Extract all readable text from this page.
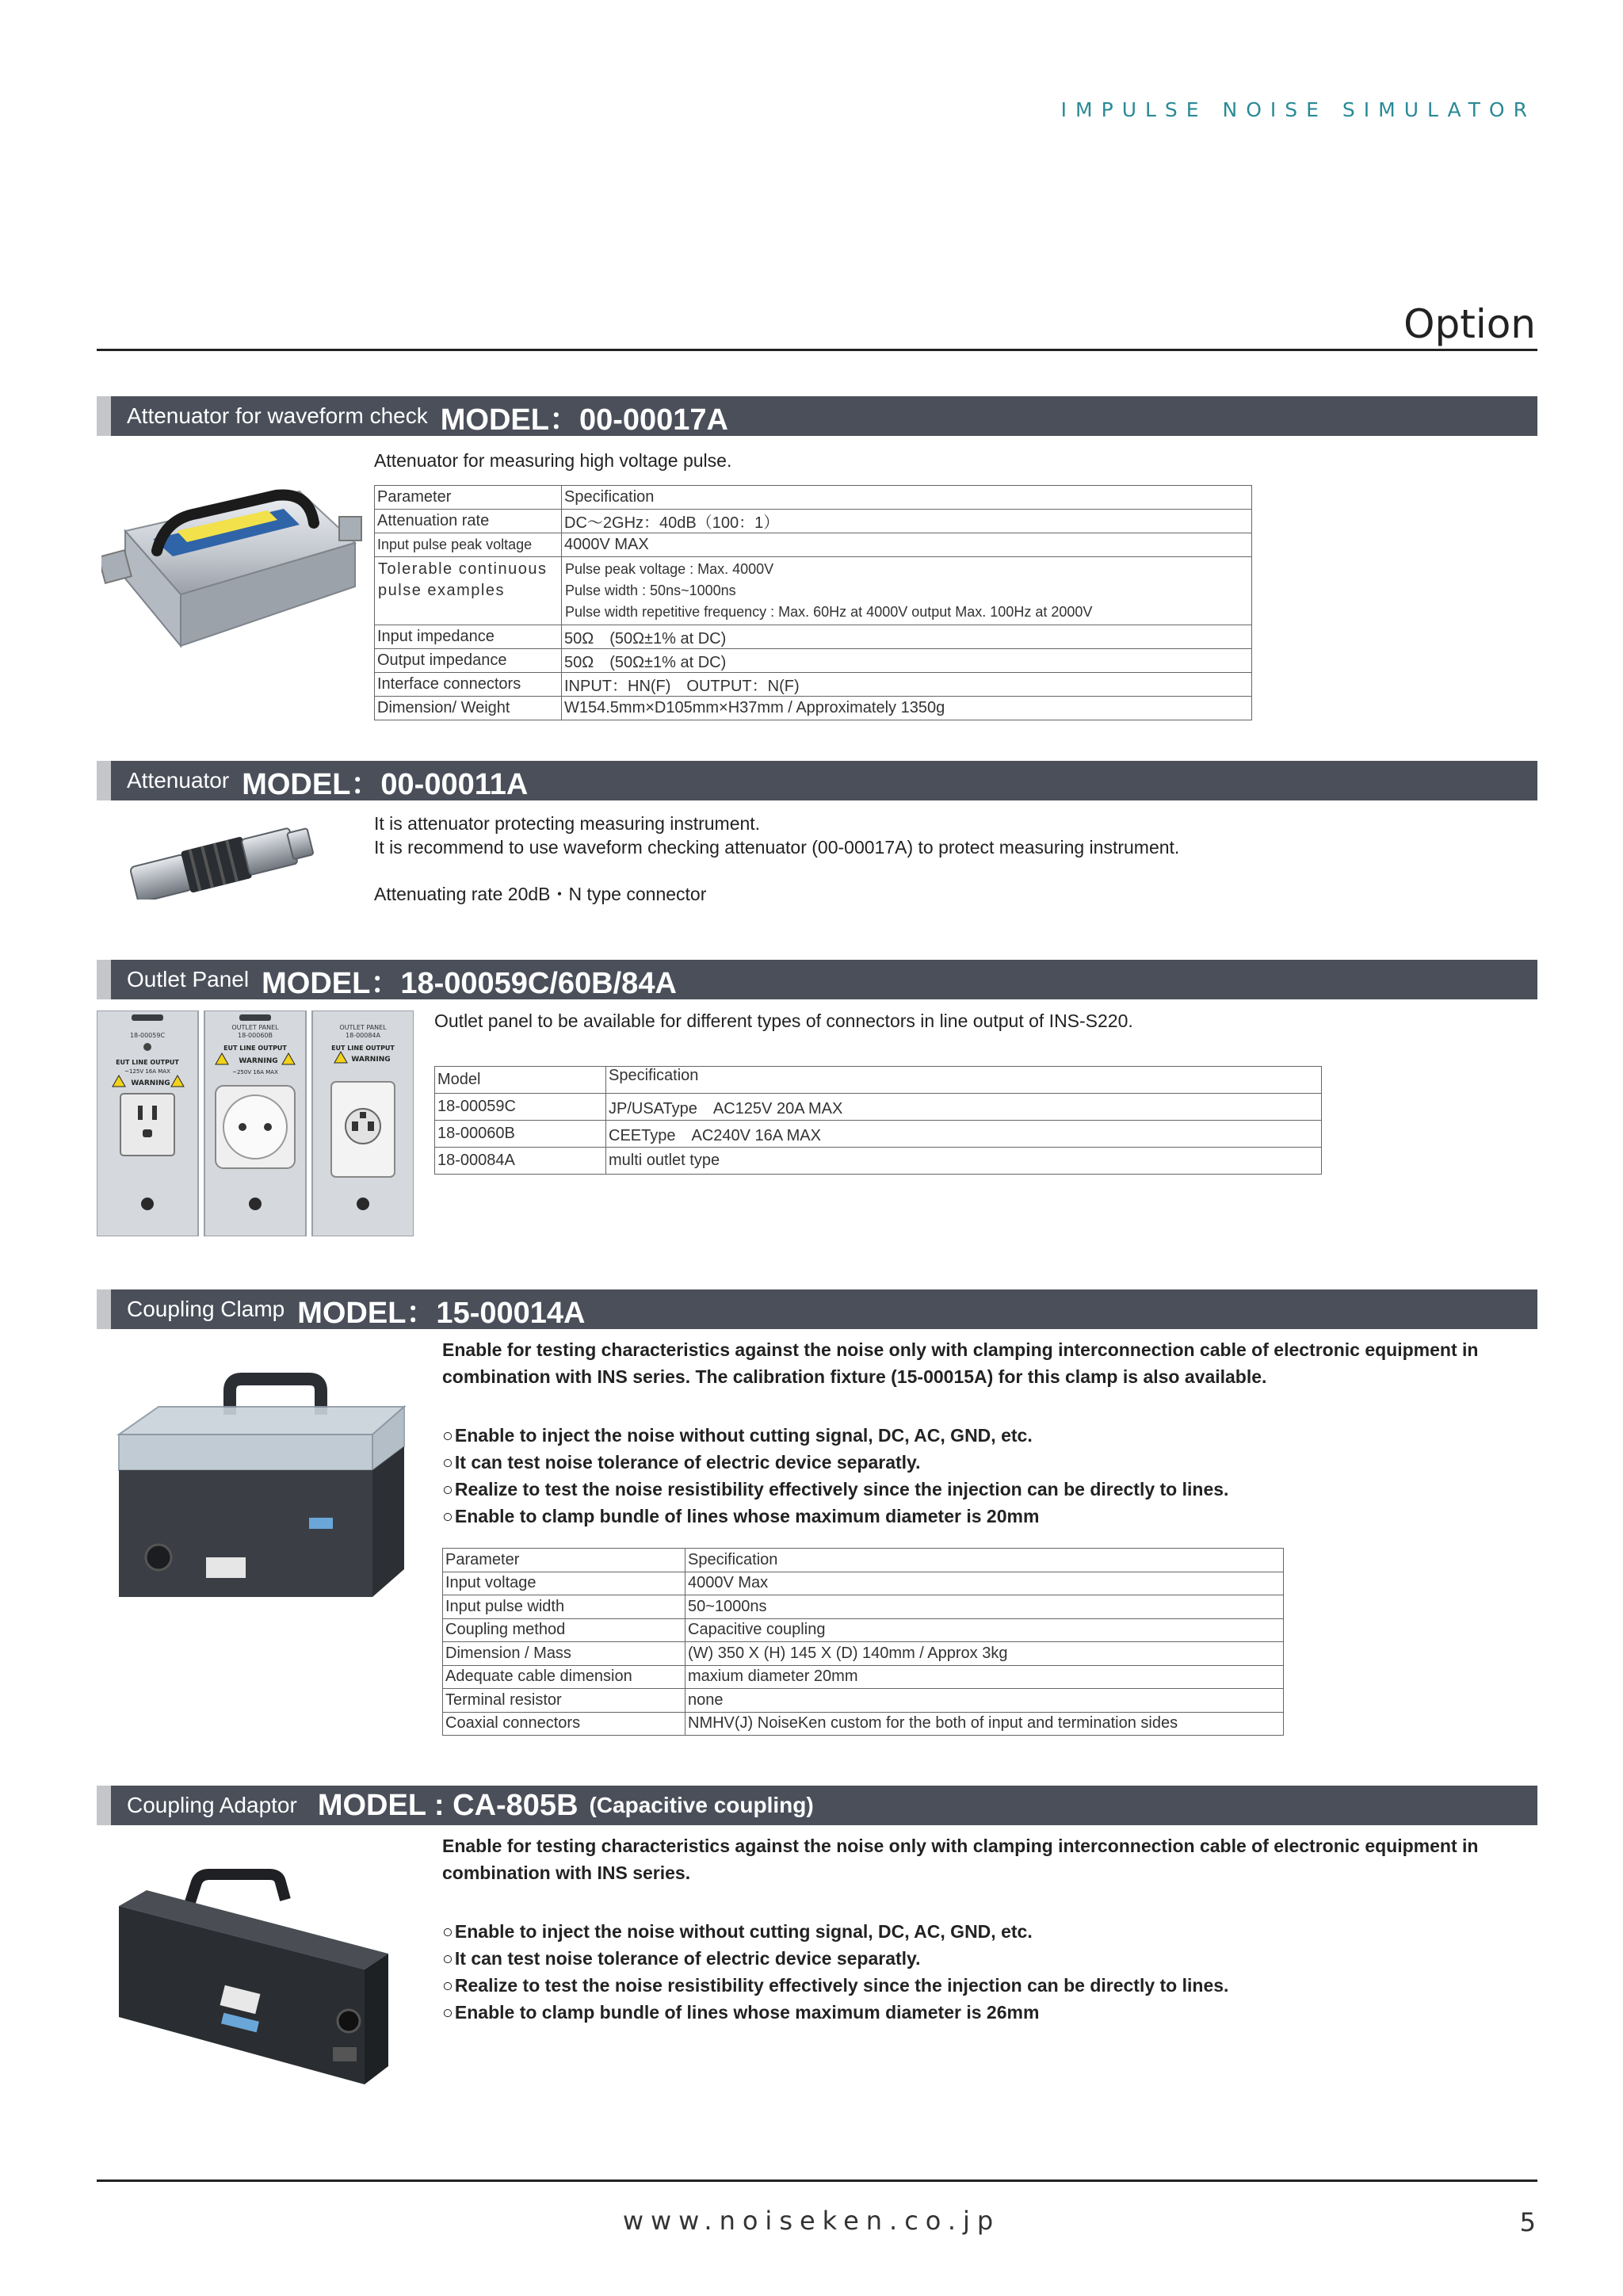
IMPULSE NOISE SIMULATOR
Option
Attenuator for waveform check MODEL：00-00017A
Attenuator for measuring high voltage pulse.
Parameter	Specification
Attenuation rate	DC〜2GHz：40dB（100：1）
Input pulse peak voltage	4000V MAX

Tolerable continuous
pulse examples	Pulse peak voltage : Max. 4000V
Pulse width : 50ns~1000ns
Pulse width repetitive frequency : Max. 60Hz at 4000V output Max. 100Hz at 2000V

Input impedance	50Ω　(50Ω±1% at DC)
Output impedance	50Ω　(50Ω±1% at DC)
Interface connectors	INPUT：HN(F)　OUTPUT：N(F)
Dimension/ Weight	W154.5mm×D105mm×H37mm / Approximately 1350g
Attenuator MODEL：00-00011A
It is attenuator protecting measuring instrument.
It is recommend to use waveform checking attenuator (00-00017A) to protect measuring instrument.
Attenuating rate 20dB・N type connector
Outlet Panel MODEL：18-00059C/60B/84A
18-00059C
EUT LINE OUTPUT
~125V 16A MAX
WARNING
OUTLET PANEL
18-00060B
EUT LINE OUTPUT
WARNING
~250V 16A MAX
OUTLET PANEL
18-00084A
EUT LINE OUTPUT
WARNING
Outlet panel to be available for different types of connectors in line output of INS-S220.
Model	Specification
18-00059C	JP/USAType　AC125V 20A MAX
18-00060B	CEEType　AC240V 16A MAX
18-00084A	multi outlet type
Coupling Clamp MODEL：15-00014A

Enable for testing characteristics against the noise only with clamping interconnection cable of electronic equipment in

combination with INS series. The calibration fixture (15-00015A) for this clamp is also available.

○ Enable to inject the noise without cutting signal, DC, AC, GND, etc.
○ It can test noise tolerance of electric device separatly.
○ Realize to test the noise resistibility effectively since the injection can be directly to lines.
○ Enable to clamp bundle of lines whose maximum diameter is 20mm
Parameter	Specification
Input voltage	4000V Max
Input pulse width	50~1000ns
Coupling method	Capacitive coupling
Dimension / Mass	(W) 350 X (H) 145 X (D) 140mm / Approx 3kg
Adequate cable dimension	maxium diameter 20mm
Terminal resistor	none
Coaxial connectors	NMHV(J) NoiseKen custom for the both of input and termination sides
Coupling Adaptor MODEL : CA-805B (Capacitive coupling)

Enable for testing characteristics against the noise only with clamping interconnection cable of electronic equipment in

combination with INS series.

○ Enable to inject the noise without cutting signal, DC, AC, GND, etc.
○ It can test noise tolerance of electric device separatly.
○ Realize to test the noise resistibility effectively since the injection can be directly to lines.
○ Enable to clamp bundle of lines whose maximum diameter is 26mm
www.noiseken.co.jp	5
